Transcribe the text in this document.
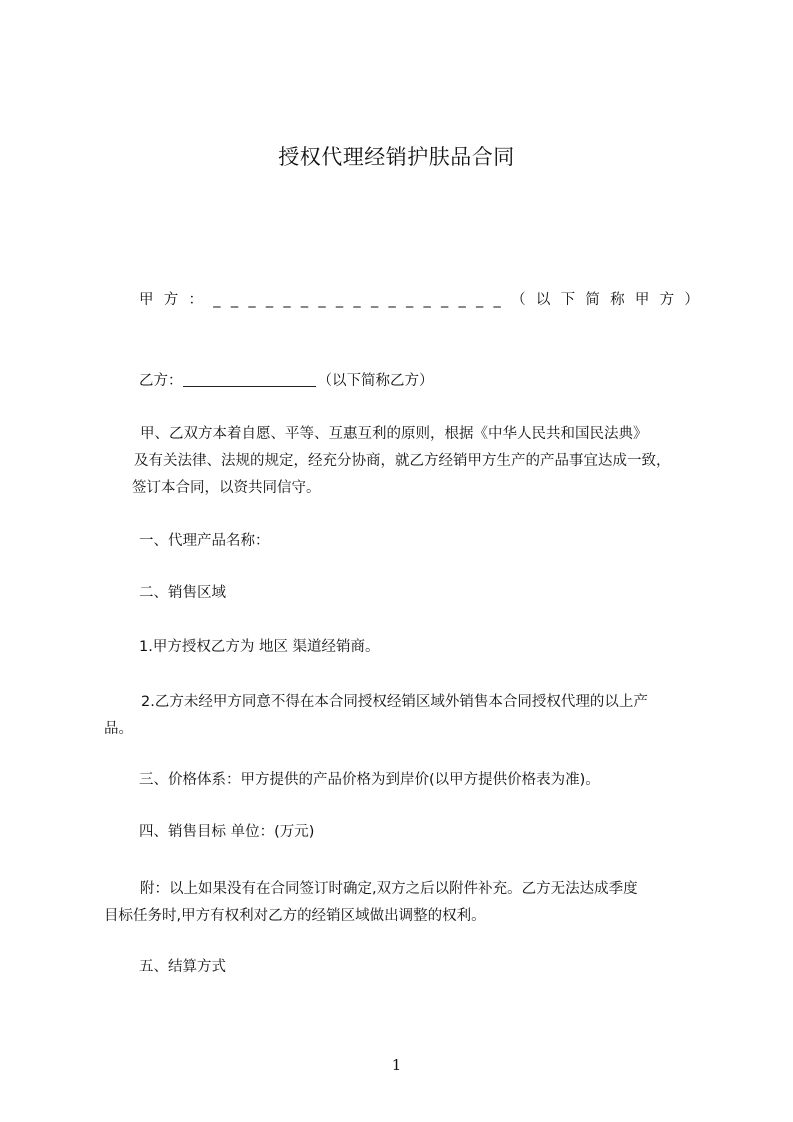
授权代理经销护肤品合同
甲 方 ： _ _ _ _ _ _ _ _ _ _ _ _ _ _ _ _ _ （ 以 下 简 称 甲 方 ）
乙方：	（以下简称乙方）

甲、乙双方本着自愿、平等、互惠互利的原则，根据《中华人民共和国民法典》

及有关法律、法规的规定，经充分协商，就乙方经销甲方生产的产品事宜达成一致，

签订本合同，以资共同信守。

一、代理产品名称：
二、销售区域
1.甲方授权乙方为 地区 渠道经销商。

2.乙方未经甲方同意不得在本合同授权经销区域外销售本合同授权代理的以上产

品。

三、价格体系：甲方提供的产品价格为到岸价(以甲方提供价格表为准)。
四、销售目标 单位：(万元)

附：以上如果没有在合同签订时确定,双方之后以附件补充。乙方无法达成季度

目标任务时,甲方有权利对乙方的经销区域做出调整的权利。

五、结算方式
1
